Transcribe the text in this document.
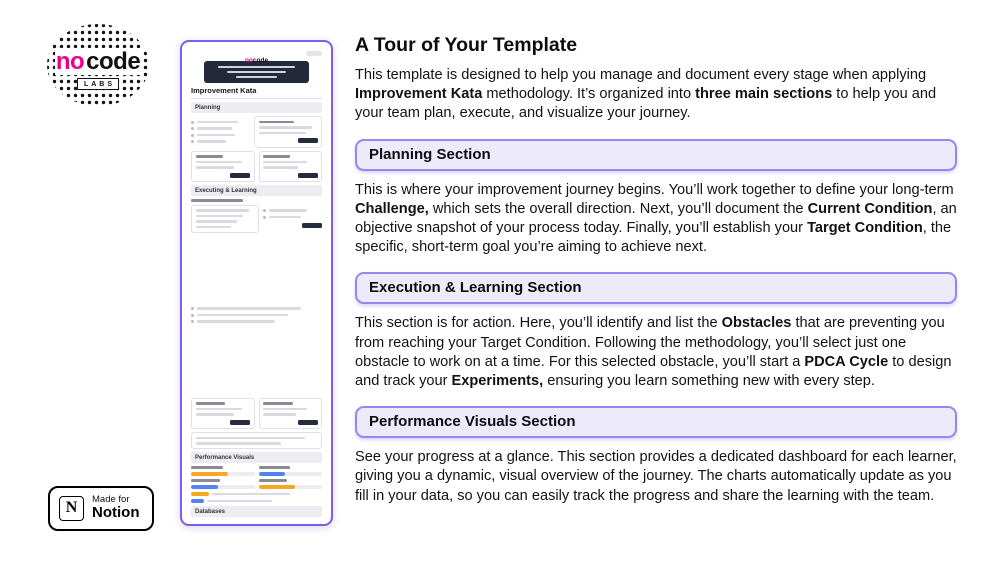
nocode
LABS
nocode
Improvement Kata
Planning
Executing & Learning
Performance Visuals
Databases
A Tour of Your Template

This template is designed to help you manage and document every stage when applying Improvement Kata methodology. It’s organized into three main sections to help you and your team plan, execute, and visualize your journey.

Planning Section

This is where your improvement journey begins. You’ll work together to define your long-term Challenge, which sets the overall direction. Next, you’ll document the Current Condition, an objective snapshot of your process today. Finally, you’ll establish your Target Condition, the specific, short-term goal you’re aiming to achieve next.

Execution & Learning Section

This section is for action. Here, you’ll identify and list the Obstacles that are preventing you from reaching your Target Condition. Following the methodology, you’ll select just one obstacle to work on at a time. For this selected obstacle, you’ll start a PDCA Cycle to design and track your Experiments, ensuring you learn something new with every step.

Performance Visuals Section

See your progress at a glance. This section provides a dedicated dashboard for each learner, giving you a dynamic, visual overview of the journey. The charts automatically update as you fill in your data, so you can easily track the progress and share the learning with the team.

N	Made for
Notion
